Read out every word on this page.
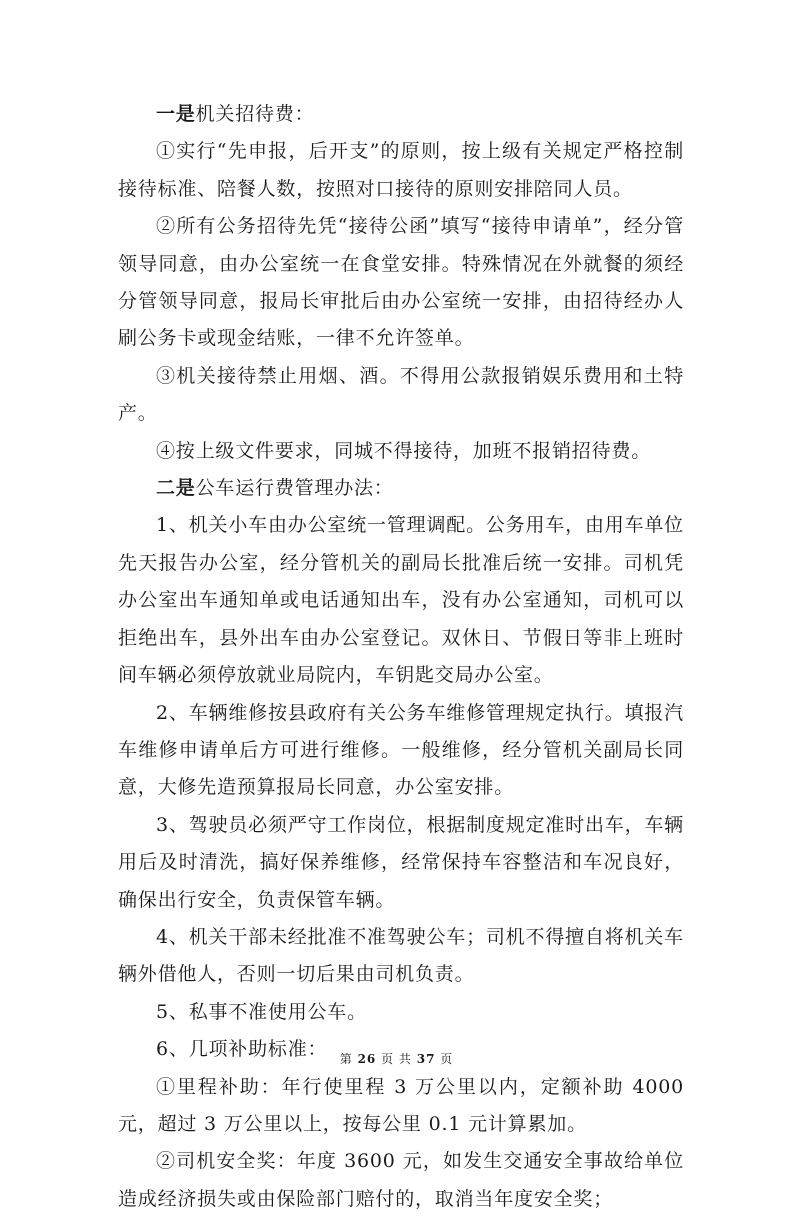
一是机关招待费：

①实行“先申报，后开支”的原则，按上级有关规定严格控制接待标准、陪餐人数，按照对口接待的原则安排陪同人员。

②所有公务招待先凭“接待公函”填写“接待申请单”，经分管领导同意，由办公室统一在食堂安排。特殊情况在外就餐的须经分管领导同意，报局长审批后由办公室统一安排，由招待经办人刷公务卡或现金结账，一律不允许签单。

③机关接待禁止用烟、酒。不得用公款报销娱乐费用和土特产。

④按上级文件要求，同城不得接待，加班不报销招待费。

二是公车运行费管理办法：

1、机关小车由办公室统一管理调配。公务用车，由用车单位先天报告办公室，经分管机关的副局长批准后统一安排。司机凭办公室出车通知单或电话通知出车，没有办公室通知，司机可以拒绝出车，县外出车由办公室登记。双休日、节假日等非上班时间车辆必须停放就业局院内，车钥匙交局办公室。

2、车辆维修按县政府有关公务车维修管理规定执行。填报汽车维修申请单后方可进行维修。一般维修，经分管机关副局长同意，大修先造预算报局长同意，办公室安排。

3、驾驶员必须严守工作岗位，根据制度规定准时出车，车辆用后及时清洗，搞好保养维修，经常保持车容整洁和车况良好，确保出行安全，负责保管车辆。

4、机关干部未经批准不准驾驶公车；司机不得擅自将机关车辆外借他人，否则一切后果由司机负责。

5、私事不准使用公车。

6、几项补助标准：

①里程补助：年行使里程 3 万公里以内，定额补助 4000 元，超过 3 万公里以上，按每公里 0.1 元计算累加。

②司机安全奖：年度 3600 元，如发生交通安全事故给单位造成经济损失或由保险部门赔付的，取消当年度安全奖；

第 26 页 共 37 页
